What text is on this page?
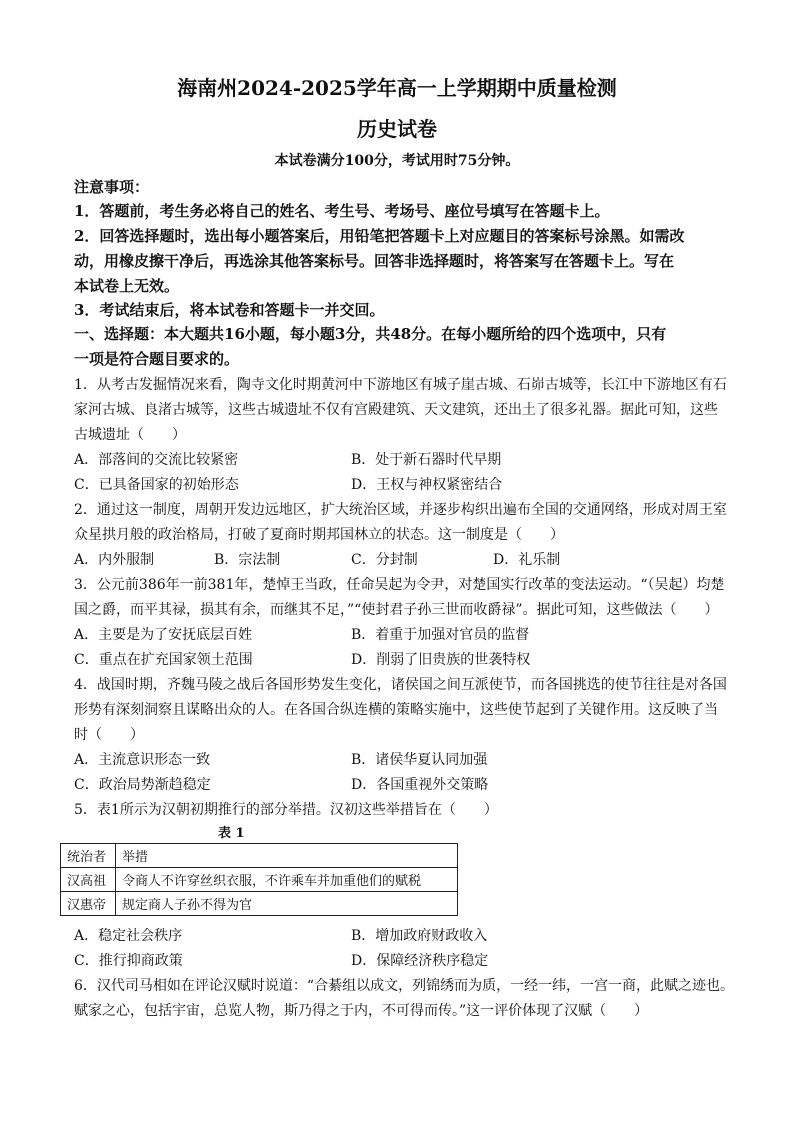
海南州2024-2025学年高一上学期期中质量检测
历史试卷
本试卷满分100分，考试用时75分钟。
注意事项：
1．答题前，考生务必将自己的姓名、考生号、考场号、座位号填写在答题卡上。
2．回答选择题时，选出每小题答案后，用铅笔把答题卡上对应题目的答案标号涂黑。如需改
动，用橡皮擦干净后，再选涂其他答案标号。回答非选择题时，将答案写在答题卡上。写在
本试卷上无效。
3．考试结束后，将本试卷和答题卡一并交回。
一、选择题：本大题共16小题，每小题3分，共48分。在每小题所给的四个选项中，只有
一项是符合题目要求的。
1．从考古发掘情况来看，陶寺文化时期黄河中下游地区有城子崖古城、石峁古城等，长江中下游地区有石
家河古城、良渚古城等，这些古城遗址不仅有宫殿建筑、天文建筑，还出土了很多礼器。据此可知，这些
古城遗址（　　）
A．部落间的交流比较紧密	B．处于新石器时代早期
C．已具备国家的初始形态	D．王权与神权紧密结合
2．通过这一制度，周朝开发边远地区，扩大统治区域，并逐步构织出遍布全国的交通网络，形成对周王室
众星拱月般的政治格局，打破了夏商时期邦国林立的状态。这一制度是（　　）
A．内外服制	B．宗法制	C．分封制	D．礼乐制
3．公元前386年一前381年，楚悼王当政，任命吴起为令尹，对楚国实行改革的变法运动。“（吴起）均楚
国之爵，而平其禄，损其有余，而继其不足，”“使封君子孙三世而收爵禄”。据此可知，这些做法（　　）
A．主要是为了安抚底层百姓	B．着重于加强对官员的监督
C．重点在扩充国家领土范围	D．削弱了旧贵族的世袭特权
4．战国时期，齐魏马陵之战后各国形势发生变化，诸侯国之间互派使节，而各国挑选的使节往往是对各国
形势有深刻洞察且谋略出众的人。在各国合纵连横的策略实施中，这些使节起到了关键作用。这反映了当
时（　　）
A．主流意识形态一致	B．诸侯华夏认同加强
C．政治局势渐趋稳定	D．各国重视外交策略
5．表1所示为汉朝初期推行的部分举措。汉初这些举措旨在（　　）
表 1
统治者	举措
汉高祖	令商人不许穿丝织衣服，不许乘车并加重他们的赋税
汉惠帝	规定商人子孙不得为官
A．稳定社会秩序	B．增加政府财政收入
C．推行抑商政策	D．保障经济秩序稳定
6．汉代司马相如在评论汉赋时说道：“合綦组以成文，列锦绣而为质，一经一纬，一宫一商，此赋之迹也。
赋家之心，包括宇宙，总览人物，斯乃得之于内，不可得而传。”这一评价体现了汉赋（　　）
